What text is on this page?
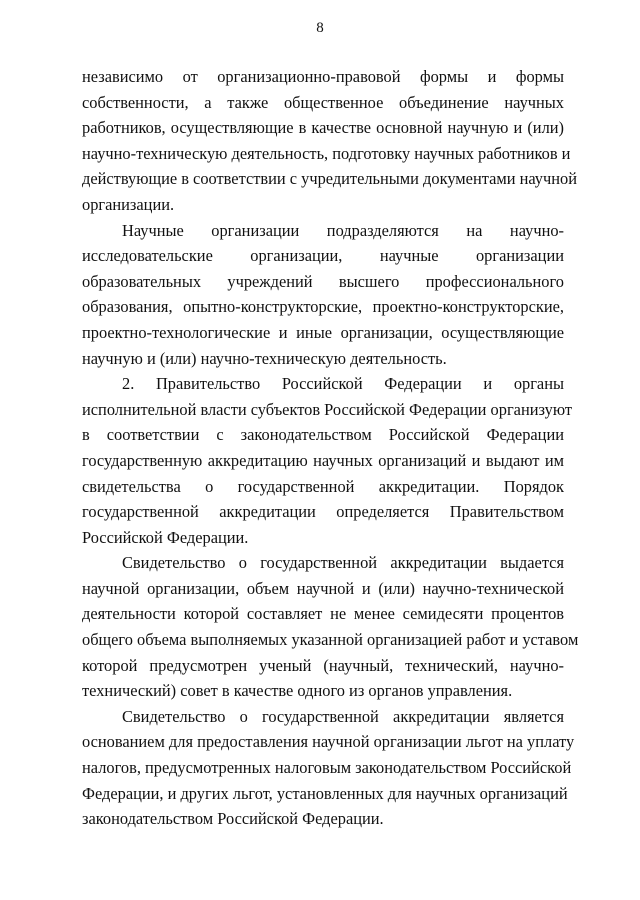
8
независимо от организационно-правовой формы и формы
собственности, а также общественное объединение научных
работников, осуществляющие в качестве основной научную и (или)
научно-техническую деятельность, подготовку научных работников и
действующие в соответствии с учредительными документами научной
организации.
Научные организации подразделяются на научно-
исследовательские организации, научные организации
образовательных учреждений высшего профессионального
образования, опытно-конструкторские, проектно-конструкторские,
проектно-технологические и иные организации, осуществляющие
научную и (или) научно-техническую деятельность.
2. Правительство Российской Федерации и органы
исполнительной власти субъектов Российской Федерации организуют
в соответствии с законодательством Российской Федерации
государственную аккредитацию научных организаций и выдают им
свидетельства о государственной аккредитации. Порядок
государственной аккредитации определяется Правительством
Российской Федерации.
Свидетельство о государственной аккредитации выдается
научной организации, объем научной и (или) научно-технической
деятельности которой составляет не менее семидесяти процентов
общего объема выполняемых указанной организацией работ и уставом
которой предусмотрен ученый (научный, технический, научно-
технический) совет в качестве одного из органов управления.
Свидетельство о государственной аккредитации является
основанием для предоставления научной организации льгот на уплату
налогов, предусмотренных налоговым законодательством Российской
Федерации, и других льгот, установленных для научных организаций
законодательством Российской Федерации.
